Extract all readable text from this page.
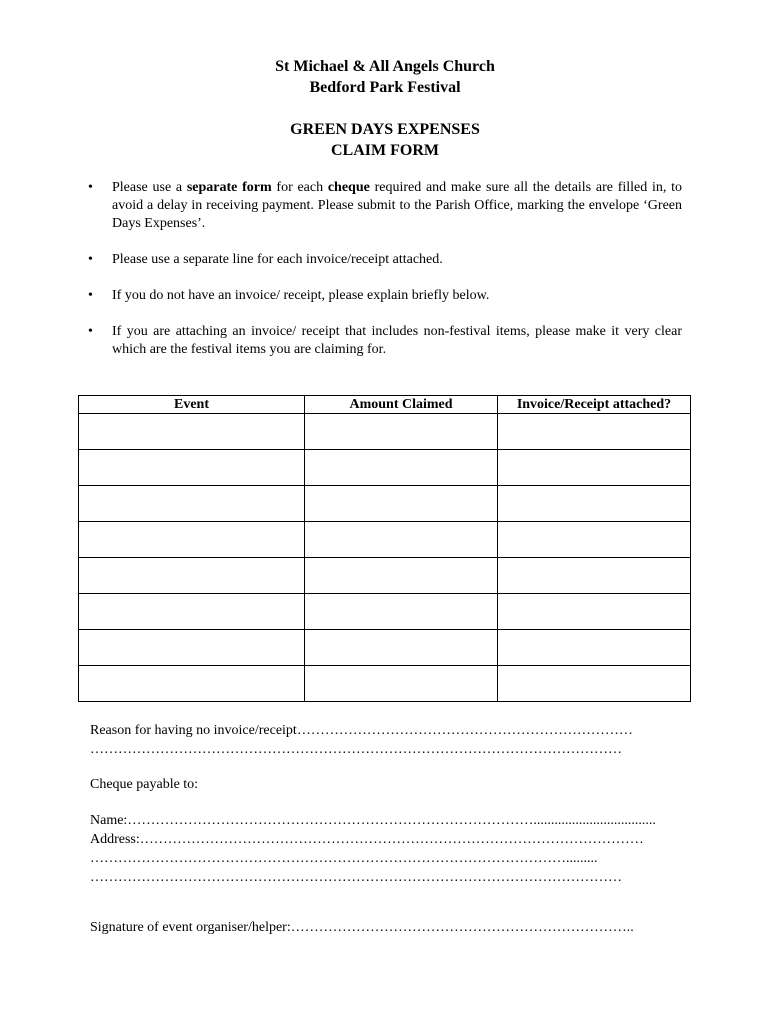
St Michael & All Angels Church
Bedford Park Festival
GREEN DAYS EXPENSES
CLAIM FORM
• Please use a separate form for each cheque required and make sure all the details are filled in, to avoid a delay in receiving payment. Please submit to the Parish Office, marking the envelope ‘Green Days Expenses’.
• Please use a separate line for each invoice/receipt attached.
• If you do not have an invoice/ receipt, please explain briefly below.
• If you are attaching an invoice/ receipt that includes non-festival items, please make it very clear which are the festival items you are claiming for.
Event	Amount Claimed	Invoice/Receipt attached?

Reason for having no invoice/receipt………………………………………………………………
……………………………………………………………………………………………………
Cheque payable to:
Name:……………………………………………………………………………...................................
Address:………………………………………………………………………………………………
………………………………………………………………………………………….........
……………………………………………………………………………………………………
Signature of event organiser/helper:………………………………………………………………..
